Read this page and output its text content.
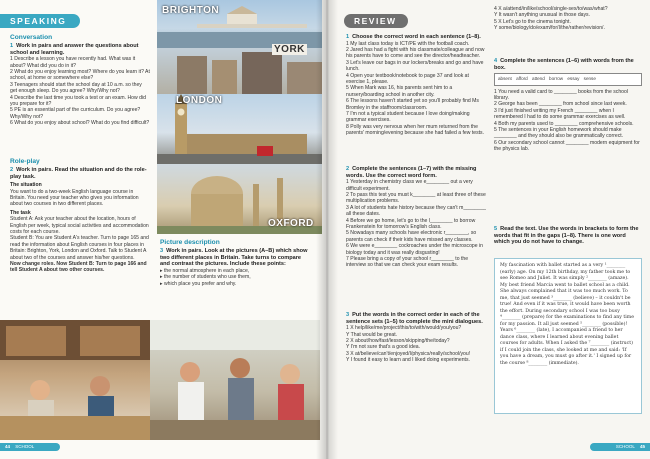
SPEAKING
Conversation
1 Work in pairs and answer the questions about school and learning.
1 Describe a lesson you have recently had. What was it about? What did you do in it?
2 What do you enjoy learning most? Where do you learn it? At school, at home or somewhere else?
3 Teenagers should start the school day at 10 a.m. so they get enough sleep. Do you agree? Why/Why not?
4 Describe the last time you took a test or an exam. How did you prepare for it?
5 PE is an essential part of the curriculum. Do you agree? Why/Why not?
6 What do you enjoy about school? What do you find difficult?
Role-play
2 Work in pairs. Read the situation and do the role-play task.
The situation
You want to do a two-week English language course in Britain. You need your teacher who gives you information about two courses in two different places.
The task
Student A: Ask your teacher about the location, hours of English per week, typical social activities and accommodation costs for each course.
Student B: You are Student A's teacher. Turn to page 165 and read the information about English courses in four places in Britain: Brighton, York, London and Oxford. Talk to Student A about two of the courses and answer his/her questions.
Now change roles. Now Student B: Turn to page 166 and tell Student A about two other courses.
BRIGHTON
YORK
LONDON
OXFORD
Picture description
3 Work in pairs. Look at the pictures (A–B) which show two different places in Britain. Take turns to compare and contrast the pictures. Include these points:
▸ the normal atmosphere in each place,
▸ the number of students who use them,
▸ which place you prefer and why.
44 SCHOOL
REVIEW
1 Choose the correct word in each sentence (1–8).
1 My last class today is ICT/PE with the football coach.
2 Jared has had a fight with his classmate/colleague and now his parents have to come and see the director/headteacher.
3 Let's leave our bags in our lockers/breaks and go and have lunch.
4 Open your textbook/notebook to page 37 and look at exercise 1, please.
5 When Mark was 16, his parents sent him to a nursery/boarding school in another city.
6 The lessons haven't started yet so you'll probably find Ms Bromley in the staffroom/classroom.
7 I'm not a typical student because I love doing/making grammar exercises.
8 Polly was very nervous when her mum returned from the parents' morning/evening because she had failed a few tests.
2 Complete the sentences (1–7) with the missing words. Use the correct word form.
1 Yesterday in chemistry class we e________ out a very difficult experiment.
2 To pass this test you must k________ at least three of these multiplication problems.
3 A lot of students hate history because they can't m________ all these dates.
4 Before we go home, let's go to the l________ to borrow Frankenstein for tomorrow's English class.
5 Nowadays many schools have electronic r________, so parents can check if their kids have missed any classes.
6 We were e________ cockroaches under the microscope in biology today and it was really disgusting!
7 Please bring a copy of your school r________ to the interview so that we can check your exam results.
3 Put the words in the correct order in each of the sentence sets (1–5) to complete the mini dialogues.
1 X help/like/me/project/this/to/with/would/you/you?
Y That would be great.
2 X about/how/fast/lesson/skipping/the/today?
Y I'm not sure that's a good idea.
3 X at/believe/can't/enjoyed/I/physics/really/school/you!
Y I found it easy to learn and I liked doing experiments.
4 X a/attend/in/like/school/single-sex/to/was/what?
Y It wasn't anything unusual in those days.
5 X Let's go to the cinema tonight.
Y some/biology/do/exam/for/I/the/rather/revision/.
4 Complete the sentences (1–6) with words from the box.
absent afford attend borrow essay sense
1 You need a valid card to ________ books from the school library.
2 George has been ________ from school since last week.
3 I'd just finished writing my French ________ when I remembered I had to do some grammar exercises as well.
4 Both my parents used to ________ comprehensive schools.
5 The sentences in your English homework should make ________ and they should also be grammatically correct.
6 Our secondary school cannot ________ modern equipment for the physics lab.
5 Read the text. Use the words in brackets to form the words that fit in the gaps (1–8). There is one word which you do not have to change.
My fascination with ballet started as a very ¹________ (early) age. On my 12th birthday, my father took me to see Romeo and Juliet. It was simply ²________ (amaze). My best friend Marcia went to ballet school as a child. She always complained that it was too much work. To me, that just seemed ³________ (believe) – it couldn't be true! And even if it was true, it would have been worth the effort. During secondary school I was too busy ⁴________ (prepare) for the examinations to find any time for my passion. It all just seemed ⁵________ (possible)! Years ⁶________ (late), I accompanied a friend to her dance class, where I learned about evening ballet courses for adults. When I asked the ⁷________ (instruct) if I could join the class, she looked at me and said: 'If you have a dream, you must go after it.' I signed up for the course ⁸________ (immediate).
SCHOOL 45
